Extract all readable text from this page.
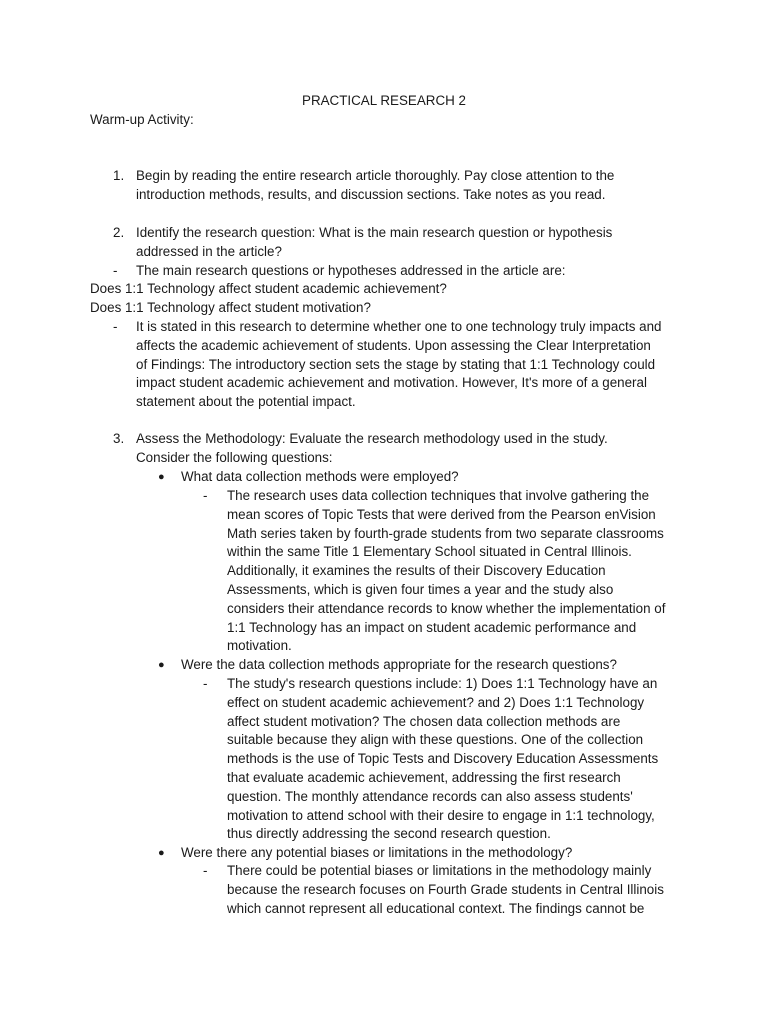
PRACTICAL RESEARCH 2
Warm-up Activity:
1. Begin by reading the entire research article thoroughly. Pay close attention to the

introduction methods, results, and discussion sections. Take notes as you read.

2. Identify the research question: What is the main research question or hypothesis

addressed in the article?

- The main research questions or hypotheses addressed in the article are:
Does 1:1 Technology affect student academic achievement?
Does 1:1 Technology affect student motivation?
- It is stated in this research to determine whether one to one technology truly impacts and

affects the academic achievement of students. Upon assessing the Clear Interpretation

of Findings: The introductory section sets the stage by stating that 1:1 Technology could

impact student academic achievement and motivation. However, It's more of a general

statement about the potential impact.

3. Assess the Methodology: Evaluate the research methodology used in the study.

Consider the following questions:

● What data collection methods were employed?
- The research uses data collection techniques that involve gathering the

mean scores of Topic Tests that were derived from the Pearson enVision

Math series taken by fourth-grade students from two separate classrooms

within the same Title 1 Elementary School situated in Central Illinois.

Additionally, it examines the results of their Discovery Education

Assessments, which is given four times a year and the study also

considers their attendance records to know whether the implementation of

1:1 Technology has an impact on student academic performance and

motivation.

● Were the data collection methods appropriate for the research questions?
- The study's research questions include: 1) Does 1:1 Technology have an

effect on student academic achievement? and 2) Does 1:1 Technology

affect student motivation? The chosen data collection methods are

suitable because they align with these questions. One of the collection

methods is the use of Topic Tests and Discovery Education Assessments

that evaluate academic achievement, addressing the first research

question. The monthly attendance records can also assess students'

motivation to attend school with their desire to engage in 1:1 technology,

thus directly addressing the second research question.

● Were there any potential biases or limitations in the methodology?
- There could be potential biases or limitations in the methodology mainly

because the research focuses on Fourth Grade students in Central Illinois

which cannot represent all educational context. The findings cannot be
